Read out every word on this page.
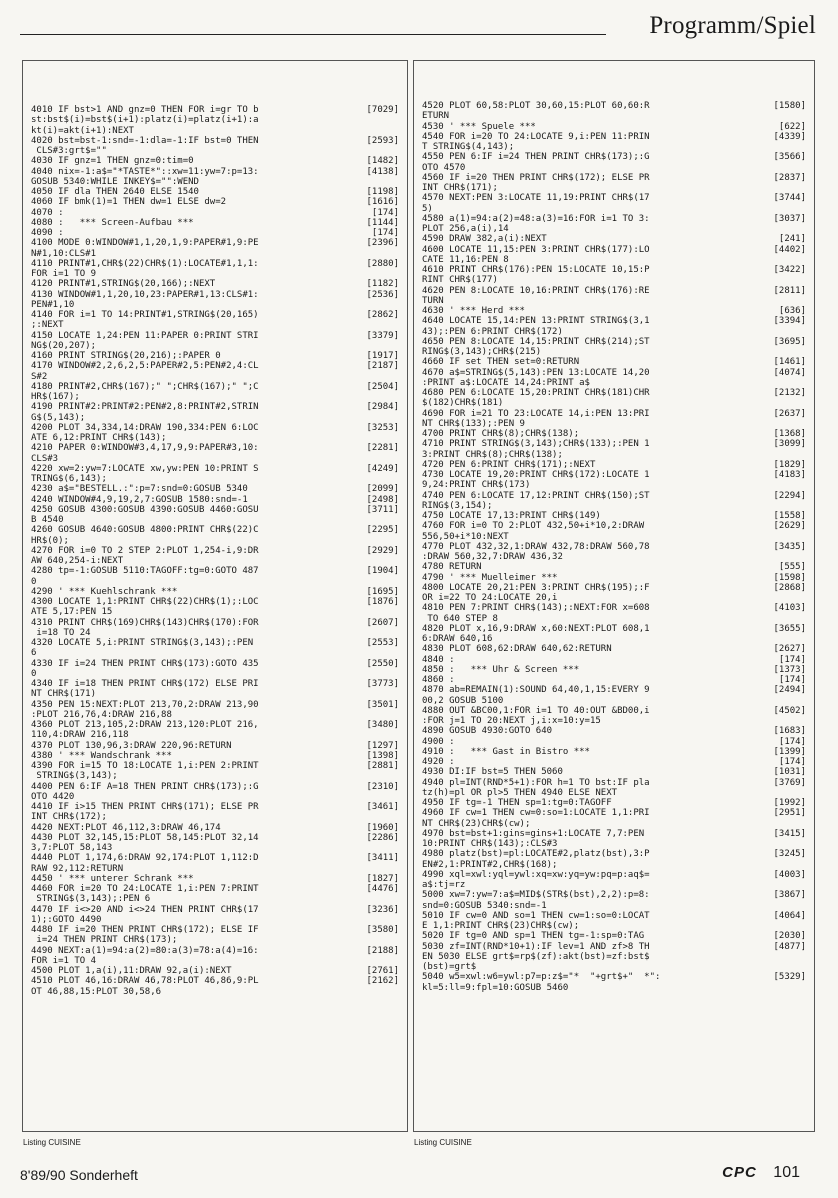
Programm/Spiel
4010 IF bst>1 AND gnz=0 THEN FOR i=gr TO b	[7029]
st:bst$(i)=bst$(i+1):platz(i)=platz(i+1):a
kt(i)=akt(i+1):NEXT
4020 bst=bst-1:snd=-1:dla=-1:IF bst=0 THEN	[2593]
CLS#3:grt$=""
4030 IF gnz=1 THEN gnz=0:tim=0	[1482]
4040 nix=-1:a$="*TASTE*"::xw=11:yw=7:p=13:	[4138]
GOSUB 5340:WHILE INKEY$="":WEND
4050 IF dla THEN 2640 ELSE 1540	[1198]
4060 IF bmk(1)=1 THEN dw=1 ELSE dw=2	[1616]
4070 :	[174]
4080 :   *** Screen-Aufbau ***	[1144]
4090 :	[174]
4100 MODE 0:WINDOW#1,1,20,1,9:PAPER#1,9:PE	[2396]
N#1,10:CLS#1
4110 PRINT#1,CHR$(22)CHR$(1):LOCATE#1,1,1:	[2880]
FOR i=1 TO 9
4120 PRINT#1,STRING$(20,166);:NEXT	[1182]
4130 WINDOW#1,1,20,10,23:PAPER#1,13:CLS#1:	[2536]
PEN#1,10
4140 FOR i=1 TO 14:PRINT#1,STRING$(20,165)	[2862]
;:NEXT
4150 LOCATE 1,24:PEN 11:PAPER 0:PRINT STRI	[3379]
NG$(20,207);
4160 PRINT STRING$(20,216);:PAPER 0	[1917]
4170 WINDOW#2,2,6,2,5:PAPER#2,5:PEN#2,4:CL	[2187]
S#2
4180 PRINT#2,CHR$(167);" ";CHR$(167);" ";C	[2504]
HR$(167);
4190 PRINT#2:PRINT#2:PEN#2,8:PRINT#2,STRIN	[2984]
G$(5,143);
4200 PLOT 34,334,14:DRAW 190,334:PEN 6:LOC	[3253]
ATE 6,12:PRINT CHR$(143);
4210 PAPER 0:WINDOW#3,4,17,9,9:PAPER#3,10:	[2281]
CLS#3
4220 xw=2:yw=7:LOCATE xw,yw:PEN 10:PRINT S	[4249]
TRING$(6,143);
4230 a$="BESTELL.:":p=7:snd=0:GOSUB 5340	[2099]
4240 WINDOW#4,9,19,2,7:GOSUB 1580:snd=-1	[2498]
4250 GOSUB 4300:GOSUB 4390:GOSUB 4460:GOSU	[3711]
B 4540
4260 GOSUB 4640:GOSUB 4800:PRINT CHR$(22)C	[2295]
HR$(0);
4270 FOR i=0 TO 2 STEP 2:PLOT 1,254-i,9:DR	[2929]
AW 640,254-i:NEXT
4280 tp=-1:GOSUB 5110:TAGOFF:tg=0:GOTO 487	[1904]
0
4290 ' *** Kuehlschrank ***	[1695]
4300 LOCATE 1,1:PRINT CHR$(22)CHR$(1);:LOC	[1876]
ATE 5,17:PEN 15
4310 PRINT CHR$(169)CHR$(143)CHR$(170):FOR	[2607]
i=18 TO 24
4320 LOCATE 5,i:PRINT STRING$(3,143);:PEN	[2553]
6
4330 IF i=24 THEN PRINT CHR$(173):GOTO 435	[2550]
0
4340 IF i=18 THEN PRINT CHR$(172) ELSE PRI	[3773]
NT CHR$(171)
4350 PEN 15:NEXT:PLOT 213,70,2:DRAW 213,90	[3501]
:PLOT 216,76,4:DRAW 216,88
4360 PLOT 213,105,2:DRAW 213,120:PLOT 216,	[3480]
110,4:DRAW 216,118
4370 PLOT 130,96,3:DRAW 220,96:RETURN	[1297]
4380 ' *** Wandschrank ***	[1398]
4390 FOR i=15 TO 18:LOCATE 1,i:PEN 2:PRINT	[2881]
STRING$(3,143);
4400 PEN 6:IF A=18 THEN PRINT CHR$(173);:G	[2310]
OTO 4420
4410 IF i>15 THEN PRINT CHR$(171); ELSE PR	[3461]
INT CHR$(172);
4420 NEXT:PLOT 46,112,3:DRAW 46,174	[1960]
4430 PLOT 32,145,15:PLOT 58,145:PLOT 32,14	[2286]
3,7:PLOT 58,143
4440 PLOT 1,174,6:DRAW 92,174:PLOT 1,112:D	[3411]
RAW 92,112:RETURN
4450 ' *** unterer Schrank ***	[1827]
4460 FOR i=20 TO 24:LOCATE 1,i:PEN 7:PRINT	[4476]
STRING$(3,143);:PEN 6
4470 IF i<>20 AND i<>24 THEN PRINT CHR$(17	[3236]
1);:GOTO 4490
4480 IF i=20 THEN PRINT CHR$(172); ELSE IF	[3580]
i=24 THEN PRINT CHR$(173);
4490 NEXT:a(1)=94:a(2)=80:a(3)=78:a(4)=16:	[2188]
FOR i=1 TO 4
4500 PLOT 1,a(i),11:DRAW 92,a(i):NEXT	[2761]
4510 PLOT 46,16:DRAW 46,78:PLOT 46,86,9:PL	[2162]
OT 46,88,15:PLOT 30,58,6
Listing CUISINE
4520 PLOT 60,58:PLOT 30,60,15:PLOT 60,60:R	[1580]
ETURN
4530 ' *** Spuele ***	[622]
4540 FOR i=20 TO 24:LOCATE 9,i:PEN 11:PRIN	[4339]
T STRING$(4,143);
4550 PEN 6:IF i=24 THEN PRINT CHR$(173);:G	[3566]
OTO 4570
4560 IF i=20 THEN PRINT CHR$(172); ELSE PR	[2837]
INT CHR$(171);
4570 NEXT:PEN 3:LOCATE 11,19:PRINT CHR$(17	[3744]
5)
4580 a(1)=94:a(2)=48:a(3)=16:FOR i=1 TO 3:	[3037]
PLOT 256,a(i),14
4590 DRAW 382,a(i):NEXT	[241]
4600 LOCATE 11,15:PEN 3:PRINT CHR$(177):LO	[4402]
CATE 11,16:PEN 8
4610 PRINT CHR$(176):PEN 15:LOCATE 10,15:P	[3422]
RINT CHR$(177)
4620 PEN 8:LOCATE 10,16:PRINT CHR$(176):RE	[2811]
TURN
4630 ' *** Herd ***	[636]
4640 LOCATE 15,14:PEN 13:PRINT STRING$(3,1	[3394]
43);:PEN 6:PRINT CHR$(172)
4650 PEN 8:LOCATE 14,15:PRINT CHR$(214);ST	[3695]
RING$(3,143);CHR$(215)
4660 IF set THEN set=0:RETURN	[1461]
4670 a$=STRING$(5,143):PEN 13:LOCATE 14,20	[4074]
:PRINT a$:LOCATE 14,24:PRINT a$
4680 PEN 6:LOCATE 15,20:PRINT CHR$(181)CHR	[2132]
$(182)CHR$(181)
4690 FOR i=21 TO 23:LOCATE 14,i:PEN 13:PRI	[2637]
NT CHR$(133);:PEN 9
4700 PRINT CHR$(8);CHR$(138);	[1368]
4710 PRINT STRING$(3,143);CHR$(133);:PEN 1	[3099]
3:PRINT CHR$(8);CHR$(138);
4720 PEN 6:PRINT CHR$(171);:NEXT	[1829]
4730 LOCATE 19,20:PRINT CHR$(172):LOCATE 1	[4183]
9,24:PRINT CHR$(173)
4740 PEN 6:LOCATE 17,12:PRINT CHR$(150);ST	[2294]
RING$(3,154);
4750 LOCATE 17,13:PRINT CHR$(149)	[1558]
4760 FOR i=0 TO 2:PLOT 432,50+i*10,2:DRAW	[2629]
556,50+i*10:NEXT
4770 PLOT 432,32,1:DRAW 432,78:DRAW 560,78	[3435]
:DRAW 560,32,7:DRAW 436,32
4780 RETURN	[555]
4790 ' *** Muelleimer ***	[1598]
4800 LOCATE 20,21:PEN 3:PRINT CHR$(195);:F	[2868]
OR i=22 TO 24:LOCATE 20,i
4810 PEN 7:PRINT CHR$(143);:NEXT:FOR x=608	[4103]
TO 640 STEP 8
4820 PLOT x,16,9:DRAW x,60:NEXT:PLOT 608,1	[3655]
6:DRAW 640,16
4830 PLOT 608,62:DRAW 640,62:RETURN	[2627]
4840 :	[174]
4850 :   *** Uhr & Screen ***	[1373]
4860 :	[174]
4870 ab=REMAIN(1):SOUND 64,40,1,15:EVERY 9	[2494]
00,2 GOSUB 5100
4880 OUT &BC00,1:FOR i=1 TO 40:OUT &BD00,i	[4502]
:FOR j=1 TO 20:NEXT j,i:x=10:y=15
4890 GOSUB 4930:GOTO 640	[1683]
4900 :	[174]
4910 :   *** Gast in Bistro ***	[1399]
4920 :	[174]
4930 DI:IF bst=5 THEN 5060	[1031]
4940 pl=INT(RND*5+1):FOR h=1 TO bst:IF pla	[3769]
tz(h)=pl OR pl>5 THEN 4940 ELSE NEXT
4950 IF tg=-1 THEN sp=1:tg=0:TAGOFF	[1992]
4960 IF cw=1 THEN cw=0:so=1:LOCATE 1,1:PRI	[2951]
NT CHR$(23)CHR$(cw);
4970 bst=bst+1:gins=gins+1:LOCATE 7,7:PEN	[3415]
10:PRINT CHR$(143);:CLS#3
4980 platz(bst)=pl:LOCATE#2,platz(bst),3:P	[3245]
EN#2,1:PRINT#2,CHR$(168);
4990 xql=xwl:yql=ywl:xq=xw:yq=yw:pq=p:aq$=	[4003]
a$:tj=rz
5000 xw=7:yw=7:a$=MID$(STR$(bst),2,2):p=8:	[3867]
snd=0:GOSUB 5340:snd=-1
5010 IF cw=0 AND so=1 THEN cw=1:so=0:LOCAT	[4064]
E 1,1:PRINT CHR$(23)CHR$(cw);
5020 IF tg=0 AND sp=1 THEN tg=-1:sp=0:TAG	[2030]
5030 zf=INT(RND*10+1):IF lev=1 AND zf>8 TH	[4877]
EN 5030 ELSE grt$=rp$(zf):akt(bst)=zf:bst$
(bst)=grt$
5040 w5=xwl:w6=ywl:p7=p:z$="*  "+grt$+"  *":	[5329]
kl=5:ll=9:fpl=10:GOSUB 5460
Listing CUISINE
8'89/90 Sonderheft	CPC 101
